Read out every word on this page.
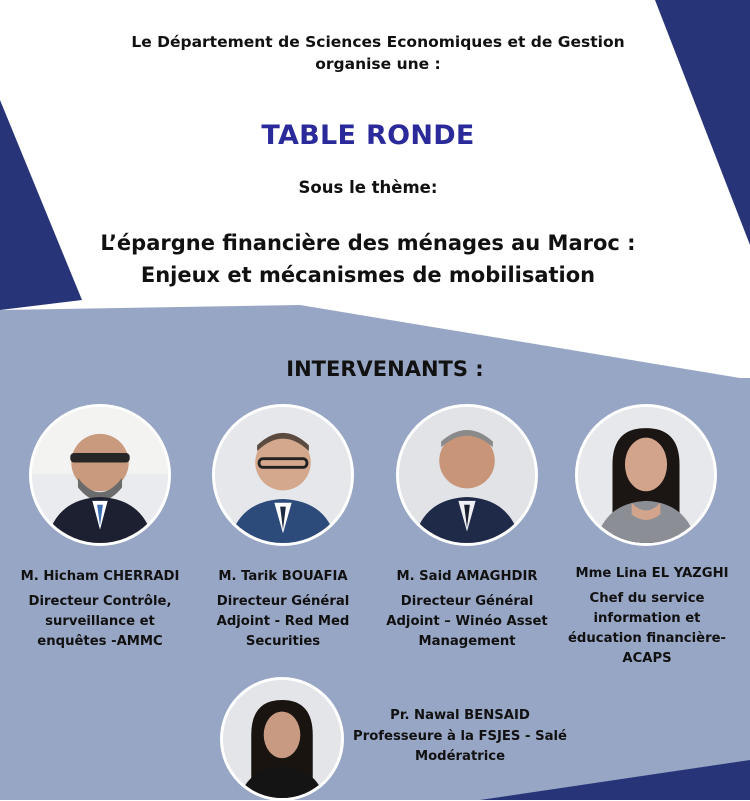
Le Département de Sciences Economiques et de Gestion
organise une :
TABLE RONDE
Sous le thème:
L’épargne financière des ménages au Maroc :
Enjeux et mécanismes de mobilisation
INTERVENANTS :
M. Hicham CHERRADI
Directeur Contrôle,
surveillance et
enquêtes -AMMC
M. Tarik BOUAFIA
Directeur Général
Adjoint - Red Med
Securities
M. Said AMAGHDIR
Directeur Général
Adjoint – Winéo Asset
Management
Mme Lina EL YAZGHI
Chef du service
information et
éducation financière-
ACAPS
Pr. Nawal BENSAID
Professeure à la FSJES - Salé
Modératrice
